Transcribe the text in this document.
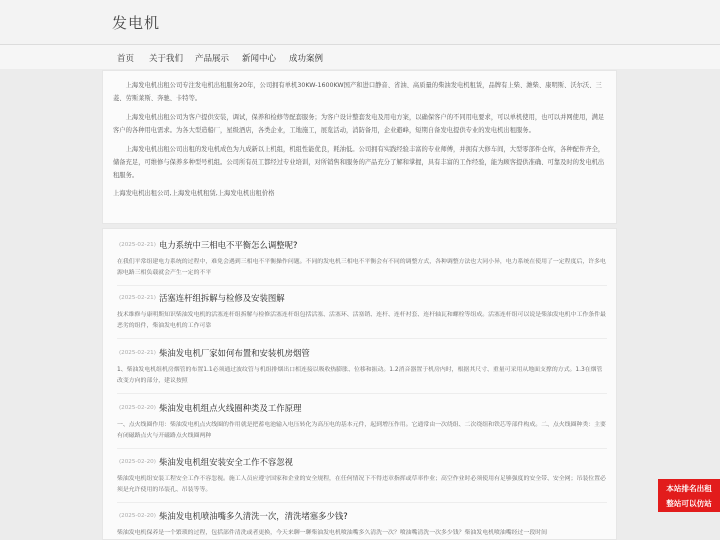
发电机
首页 关于我们 产品展示 新闻中心 成功案例

上海发电机出租公司专注发电机出租服务20年，公司拥有单机30KW-1600KW国产和进口静音、省油、高质量的柴油发电机租赁，品牌有上柴、潍柴、康明斯、沃尔沃、三菱、劳斯莱斯、奔驰、卡特等。

上海发电机出租公司为客户提供安装，调试，保养和检修等配套服务；为客户设计整套发电及用电方案，以确保客户的不同用电要求，可以单机使用，也可以并网使用，满足客户的各种用电需求。为各大型造船厂，星级酒店，各类企业，工地施工，展览活动，消防备用，企业避峰，短期自备发电提供专业的发电机出租服务。

上海发电机出租公司出租的发电机成色为九成新以上机组，机组性能优良，耗油低。公司拥有实践经验丰富的专业师傅，并拥有大修车间，大型零部件仓库，各种配件齐全，储备充足，可维修与保养多种型号机组。公司所有员工都经过专业培训，对所销售和服务的产品充分了解和掌握，具有丰富的工作经验，能为顾客提供准确、可靠及时的发电机出租服务。

上海发电机出租公司,上海发电机租赁,上海发电机出租价格
(2025-02-21) 电力系统中三相电不平衡怎么调整呢?
在我们平常组建电力系统的过程中，难免会遇到三相电不平衡操作问题。不同的发电机三相电不平衡会有不同的调整方式，各种调整方法也大同小异，电力系统在使用了一定程度后，许多电源电路三相负载就会产生一定的不平
(2025-02-21) 活塞连杆组拆解与检修及安装图解
技术维修与康明斯知识柴油发电机的活塞连杆组拆解与检修活塞连杆组包括活塞、活塞环、活塞销、连杆、连杆衬套、连杆轴瓦和螺栓等组成。活塞连杆组可以说是柴油发电机中工作条件最恶劣的组件，柴油发电机的工作可靠
(2025-02-21) 柴油发电机厂家如何布置和安装机房烟管
1、柴油发电机组机房烟管的布置1.1必须通过波纹管与机组排烟出口相连接以吸收热膨胀、位移和振动。1.2消音器置于机房内时，根据其尺寸、重量可采用从地面支撑的方式。1.3在烟管改变方向的部分，建议按照
(2025-02-20) 柴油发电机组点火线圈种类及工作原理
一、点火线圈作用：柴油发电机点火线圈的作用就是把蓄电池输入电压转化为高压电的基本元件，起到增压作用。它通常由一次绕组、二次绕组和铁芯等部件构成。二、点火线圈种类：主要有闭磁路点火与开磁路点火线圈两种
(2025-02-20) 柴油发电机组安装安全工作不容忽视
柴油发电机组安装工程安全工作不容忽视。施工人员应遵守国家和企业的安全规程，在任何情况下不得违章指挥或草率作业；高空作业时必须使用有足够强度的安全带、安全网；吊装位置必须是允许使用的吊装孔、吊装等等。
(2025-02-20) 柴油发电机喷油嘴多久清洗一次，清洗堵塞多少钱?
柴油发电机保养是一个繁琐的过程，包括部件清洗或者更换，今天来聊一聊柴油发电机喷油嘴多久清洗一次？喷油嘴清洗一次多少钱？柴油发电机喷油嘴经过一段时间
本站排名出租
整站可以仿站
